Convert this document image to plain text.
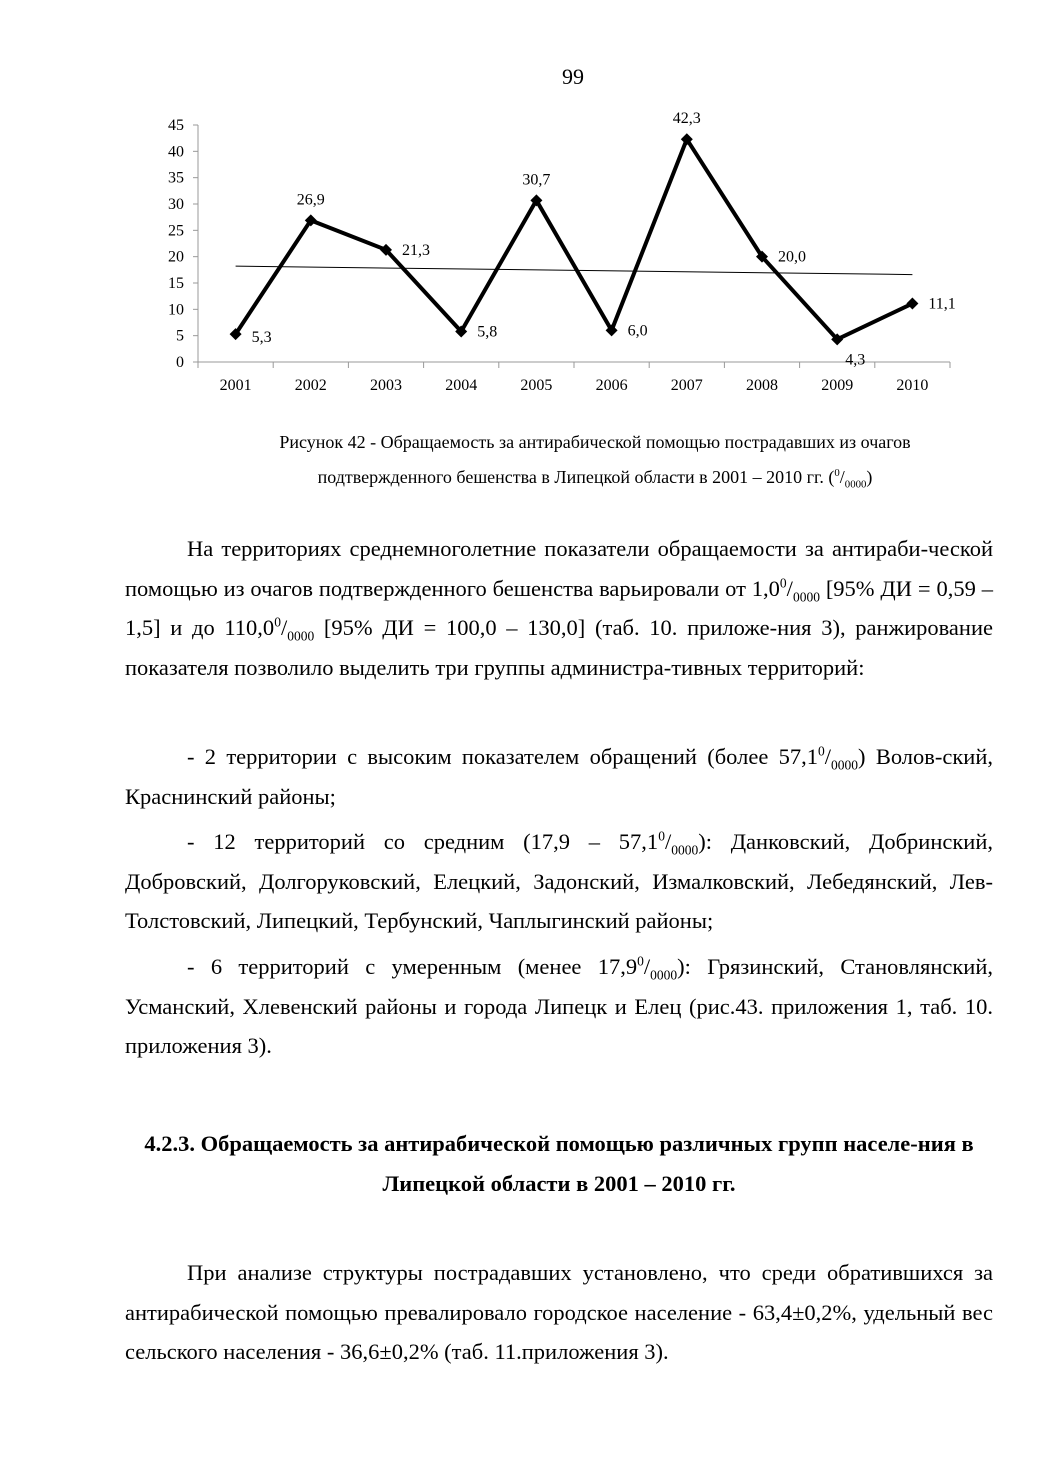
99
0
5
10
15
20
25
30
35
40
45
2001	2002	2003	2004	2005	2006	2007	2008	2009	2010
5,3
26,9
21,3
5,8
30,7
6,0
42,3
20,0
4,3
11,1
Рисунок 42 - Обращаемость за антирабической помощью пострадавших из очагов
подтвержденного бешенства в Липецкой области в 2001 – 2010 гг. $(^0/_{0000})$
На территориях среднемноголетние показатели обращаемости за антираби-ческой помощью из очагов подтвержденного бешенства варьировали от $1,0^0/_{0000}$ [95% ДИ = 0,59 – 1,5] и до $110,0^0/_{0000}$ [95% ДИ = 100,0 – 130,0] (таб. 10. приложе-ния 3), ранжирование показателя позволило выделить три группы администра-тивных территорий:
- 2 территории с высоким показателем обращений (более $57,1^0/_{0000}$) Волов-ский, Краснинский районы;
- 12 территорий со средним $(17,9 - 57,1^0/_{0000})$: Данковский, Добринский, Добровский, Долгоруковский, Елецкий, Задонский, Измалковский, Лебедянский, Лев-Толстовский, Липецкий, Тербунский, Чаплыгинский районы;
- 6 территорий с умеренным (менее $17,9^0/_{0000}$): Грязинский, Становлянский, Усманский, Хлевенский районы и города Липецк и Елец (рис.43. приложения 1, таб. 10. приложения 3).
4.2.3. Обращаемость за антирабической помощью различных групп населе-ния в Липецкой области в 2001 – 2010 гг.
При анализе структуры пострадавших установлено, что среди обратившихся за антирабической помощью превалировало городское население - 63,4±0,2%, удельный вес сельского населения - 36,6±0,2% (таб. 11.приложения 3).
